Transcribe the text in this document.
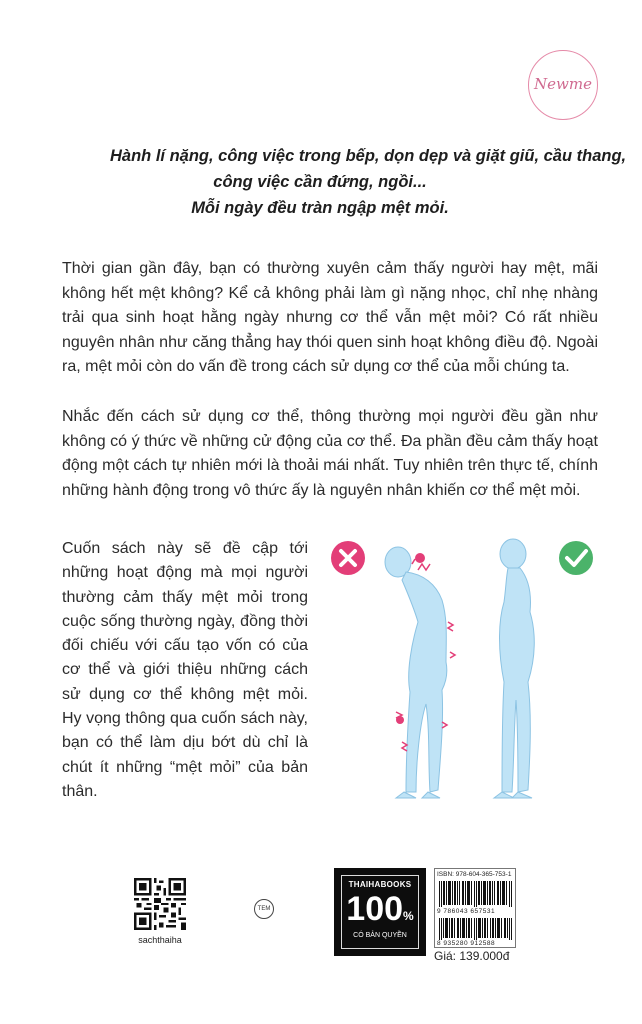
Newme
Hành lí nặng, công việc trong bếp, dọn dẹp và giặt giũ, cầu thang,
công việc cần đứng, ngồi...
Mỗi ngày đều tràn ngập mệt mỏi.
Thời gian gần đây, bạn có thường xuyên cảm thấy người hay mệt, mãi không hết mệt không? Kể cả không phải làm gì nặng nhọc, chỉ nhẹ nhàng trải qua sinh hoạt hằng ngày nhưng cơ thể vẫn mệt mỏi? Có rất nhiều nguyên nhân như căng thẳng hay thói quen sinh hoạt không điều độ. Ngoài ra, mệt mỏi còn do vấn đề trong cách sử dụng cơ thể của mỗi chúng ta.
Nhắc đến cách sử dụng cơ thể, thông thường mọi người đều gần như không có ý thức về những cử động của cơ thể. Đa phần đều cảm thấy hoạt động một cách tự nhiên mới là thoải mái nhất. Tuy nhiên trên thực tế, chính những hành động trong vô thức ấy là nguyên nhân khiến cơ thể mệt mỏi.
Cuốn sách này sẽ đề cập tới những hoạt động mà mọi người thường cảm thấy mệt mỏi trong cuộc sống thường ngày, đồng thời đối chiếu với cấu tạo vốn có của cơ thể và giới thiệu những cách sử dụng cơ thể không mệt mỏi. Hy vọng thông qua cuốn sách này, bạn có thể làm dịu bớt dù chỉ là chút ít những “mệt mỏi” của bản thân.
sachthaiha
TEM
THAIHABOOKS
100%
CÓ BẢN QUYỀN
ISBN: 978-604-365-753-1
9 786043 657531
8 935280 912588
Giá: 139.000đ
